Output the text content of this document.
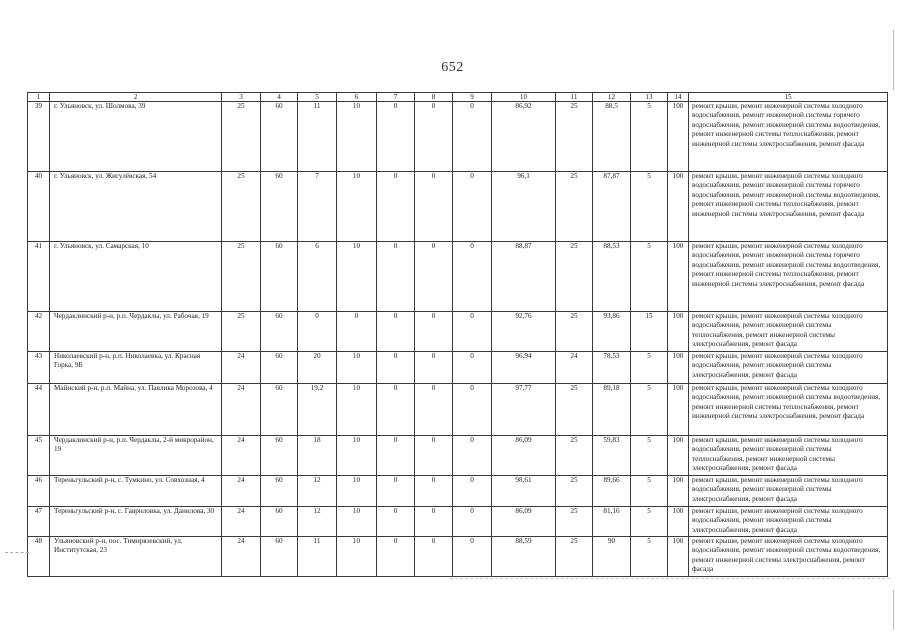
652
1	2	3	4	5	6	7	8	9	10	11	12	13	14	15
39	г. Ульяновск, ул. Шолмова, 39	25	60	11	10	0	0	0	86,92	25	88,5	5	100	ремонт крыши, ремонт инженерной системы холодного водоснабжения, ремонт инженерной системы горячего водоснабжения, ремонт инженерной системы водоотведения, ремонт инженерной системы теплоснабжения, ремонт инженерной системы электроснабжения, ремонт фасада
40	г. Ульяновск, ул. Жигулёвская, 54	25	60	7	10	0	0	0	96,1	25	87,87	5	100	ремонт крыши, ремонт инженерной системы холодного водоснабжения, ремонт инженерной системы горячего водоснабжения, ремонт инженерной системы водоотведения, ремонт инженерной системы теплоснабжения, ремонт инженерной системы электроснабжения, ремонт фасада
41	г. Ульяновск, ул. Самарская, 10	25	60	6	10	0	0	0	88,87	25	88,53	5	100	ремонт крыши, ремонт инженерной системы холодного водоснабжения, ремонт инженерной системы горячего водоснабжения, ремонт инженерной системы водоотведения, ремонт инженерной системы теплоснабжения, ремонт инженерной системы электроснабжения, ремонт фасада
42	Чердаклинский р-н, р.п. Чердаклы, ул. Рабочая, 19	25	60	0	0	0	0	0	92,76	25	93,86	15	100	ремонт крыши, ремонт инженерной системы холодного водоснабжения, ремонт инженерной системы теплоснабжения, ремонт инженерной системы электроснабжения, ремонт фасада
43	Николаевский р-н, р.п. Николаевка, ул. Красная Горка, 9Б	24	60	20	10	0	0	0	96,94	24	78,53	5	100	ремонт крыши, ремонт инженерной системы холодного водоснабжения, ремонт инженерной системы электроснабжения, ремонт фасада
44	Майнский р-н, р.п. Майна, ул. Павлика Морозова, 4	24	60	19,2	10	0	0	0	97,77	25	89,18	5	100	ремонт крыши, ремонт инженерной системы холодного водоснабжения, ремонт инженерной системы водоотведения, ремонт инженерной системы теплоснабжения, ремонт инженерной системы электроснабжения, ремонт фасада
45	Чердаклинский р-н, р.п. Чердаклы, 2-й микрорайон, 19	24	60	18	10	0	0	0	86,09	25	59,83	5	100	ремонт крыши, ремонт инженерной системы холодного водоснабжения, ремонт инженерной системы теплоснабжения, ремонт инженерной системы электроснабжения, ремонт фасада
46	Тереньгульский р-н, с. Тумкино, ул. Совхозная, 4	24	60	12	10	0	0	0	98,61	25	89,66	5	100	ремонт крыши, ремонт инженерной системы холодного водоснабжения, ремонт инженерной системы электроснабжения, ремонт фасада
47	Тереньгульский р-н, с. Гавриловка, ул. Данилова, 30	24	60	12	10	0	0	0	86,09	25	81,16	5	100	ремонт крыши, ремонт инженерной системы холодного водоснабжения, ремонт инженерной системы электроснабжения, ремонт фасада
48	Ульяновский р-н, пос. Тимирязевский, ул. Институтская, 23	24	60	11	10	0	0	0	88,59	25	90	5	100	ремонт крыши, ремонт инженерной системы холодного водоснабжения, ремонт инженерной системы водоотведения, ремонт инженерной системы электроснабжения, ремонт фасада
